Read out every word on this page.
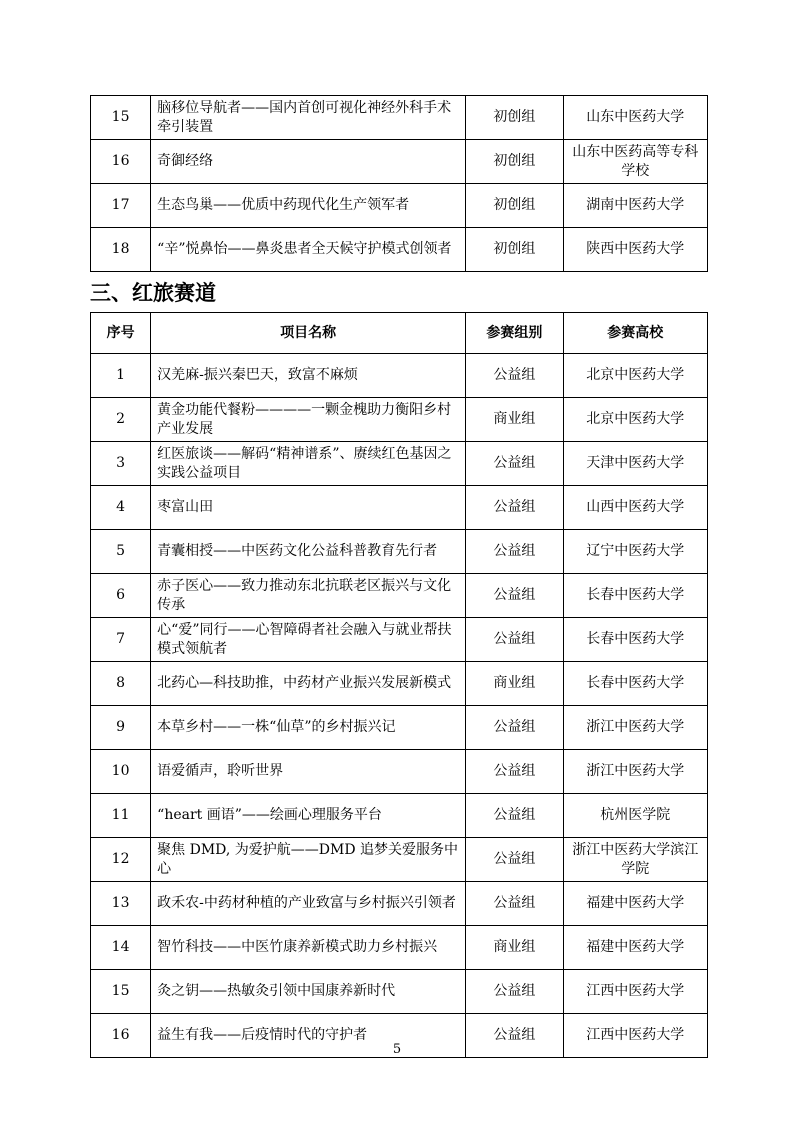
15	脑移位导航者——国内首创可视化神经外科手术牵引装置	初创组	山东中医药大学
16	奇御经络	初创组	山东中医药高等专科学校
17	生态鸟巢——优质中药现代化生产领军者	初创组	湖南中医药大学
18	“辛”悦鼻怡——鼻炎患者全天候守护模式创领者	初创组	陕西中医药大学
三、红旅赛道
序号	项目名称	参赛组别	参赛高校
1	汉羌麻-振兴秦巴天，致富不麻烦	公益组	北京中医药大学
2	黄金功能代餐粉————一颗金槐助力衡阳乡村产业发展	商业组	北京中医药大学
3	红医旅谈——解码“精神谱系”、赓续红色基因之实践公益项目	公益组	天津中医药大学
4	枣富山田	公益组	山西中医药大学
5	青囊相授——中医药文化公益科普教育先行者	公益组	辽宁中医药大学
6	赤子医心——致力推动东北抗联老区振兴与文化传承	公益组	长春中医药大学
7	心“爱”同行——心智障碍者社会融入与就业帮扶模式领航者	公益组	长春中医药大学
8	北药心—科技助推，中药材产业振兴发展新模式	商业组	长春中医药大学
9	本草乡村——一株“仙草”的乡村振兴记	公益组	浙江中医药大学
10	语爱循声，聆听世界	公益组	浙江中医药大学
11	“heart 画语”——绘画心理服务平台	公益组	杭州医学院
12	聚焦 DMD, 为爱护航——DMD 追梦关爱服务中心	公益组	浙江中医药大学滨江学院
13	政禾农-中药材种植的产业致富与乡村振兴引领者	公益组	福建中医药大学
14	智竹科技——中医竹康养新模式助力乡村振兴	商业组	福建中医药大学
15	灸之钥——热敏灸引领中国康养新时代	公益组	江西中医药大学
16	益生有我——后疫情时代的守护者	公益组	江西中医药大学
5
